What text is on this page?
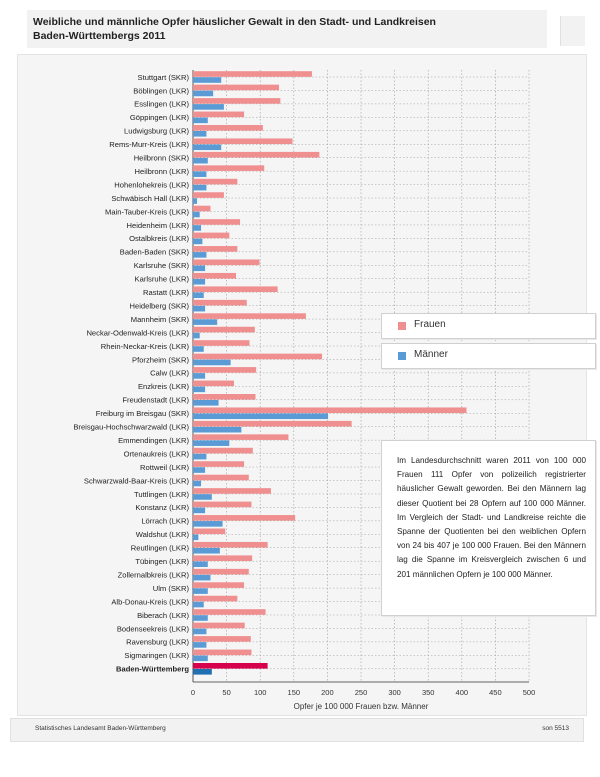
Weibliche und männliche Opfer häuslicher Gewalt in den Stadt- und Landkreisen
Baden-Württembergs 2011
0	50	100	150	200	250	300	350	400	450	500
Stuttgart (SKR)
Böblingen (LKR)
Esslingen (LKR)
Göppingen (LKR)
Ludwigsburg (LKR)
Rems-Murr-Kreis (LKR)
Heilbronn (SKR)
Heilbronn (LKR)
Hohenlohekreis (LKR)
Schwäbisch Hall (LKR)
Main-Tauber-Kreis (LKR)
Heidenheim (LKR)
Ostalbkreis (LKR)
Baden-Baden (SKR)
Karlsruhe (SKR)
Karlsruhe (LKR)
Rastatt (LKR)
Heidelberg (SKR)
Mannheim (SKR)
Neckar-Odenwald-Kreis (LKR)
Rhein-Neckar-Kreis (LKR)
Pforzheim (SKR)
Calw (LKR)
Enzkreis (LKR)
Freudenstadt (LKR)
Freiburg im Breisgau (SKR)
Breisgau-Hochschwarzwald (LKR)
Emmendingen (LKR)
Ortenaukreis (LKR)
Rottweil (LKR)
Schwarzwald-Baar-Kreis (LKR)
Tuttlingen (LKR)
Konstanz (LKR)
Lörrach (LKR)
Waldshut (LKR)
Reutlingen (LKR)
Tübingen (LKR)
Zollernalbkreis (LKR)
Ulm (SKR)
Alb-Donau-Kreis (LKR)
Biberach (LKR)
Bodenseekreis (LKR)
Ravensburg (LKR)
Sigmaringen (LKR)
Baden-Württemberg
Opfer je 100 000 Frauen bzw. Männer
Frauen
Männer

Im Landesdurchschnitt waren 2011 von 100 000 Frauen 111 Opfer von polizeilich registrierter häuslicher Gewalt geworden. Bei den Männern lag dieser Quotient bei 28 Opfern auf 100 000 Männer. Im Vergleich der Stadt- und Landkreise reichte die Spanne der Quotienten bei den weiblichen Opfern von 24 bis 407 je 100 000 Frauen. Bei den Männern lag die Spanne im Kreisvergleich zwischen 6 und 201 männlichen Opfern je 100 000 Männer.

Statistisches Landesamt Baden-Württemberg	son 5513
